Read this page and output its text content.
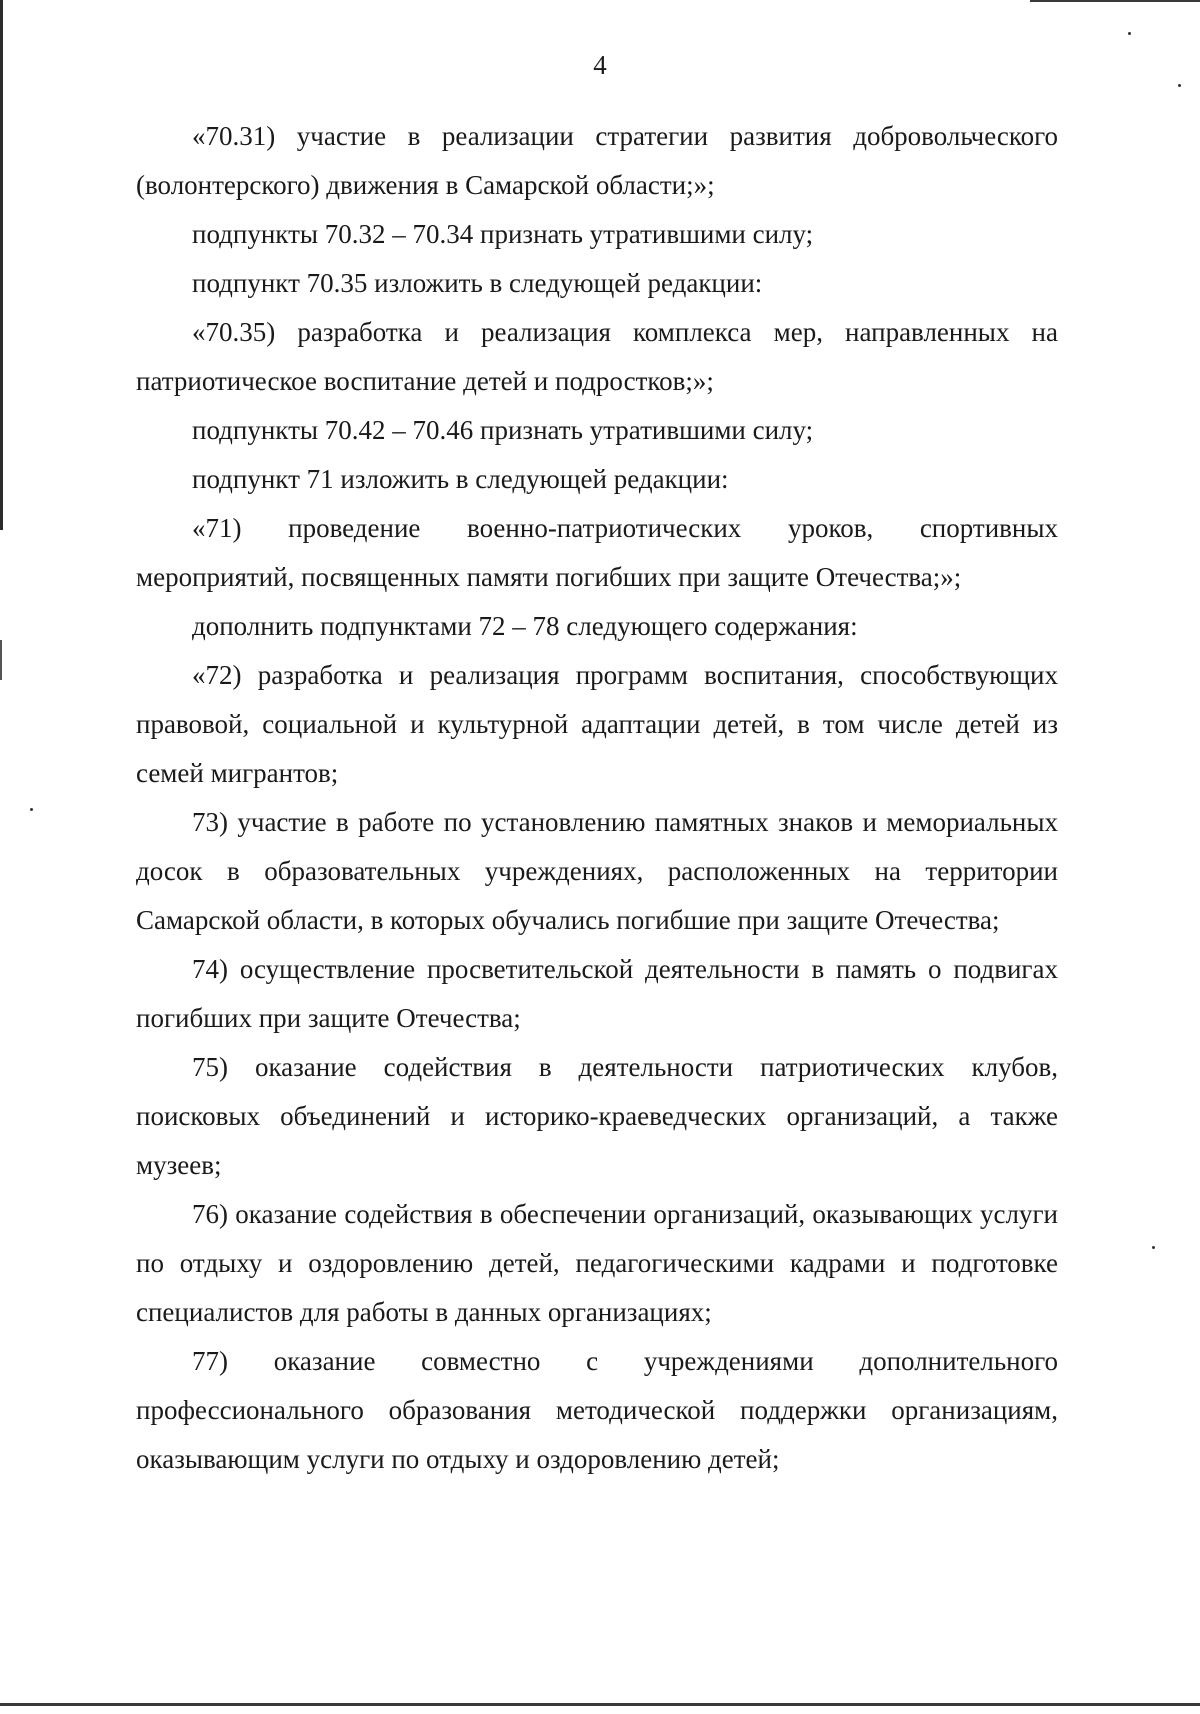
4

«70.31) участие в реализации стратегии развития добровольческого (волонтерского) движения в Самарской области;»;

подпункты 70.32 – 70.34 признать утратившими силу;

подпункт 70.35 изложить в следующей редакции:

«70.35) разработка и реализация комплекса мер, направленных на патриотическое воспитание детей и подростков;»;

подпункты 70.42 – 70.46 признать утратившими силу;

подпункт 71 изложить в следующей редакции:

«71) проведение военно-патриотических уроков, спортивных мероприятий, посвященных памяти погибших при защите Отечества;»;

дополнить подпунктами 72 – 78 следующего содержания:

«72) разработка и реализация программ воспитания, способствующих правовой, социальной и культурной адаптации детей, в том числе детей из семей мигрантов;

73) участие в работе по установлению памятных знаков и мемориальных досок в образовательных учреждениях, расположенных на территории Самарской области, в которых обучались погибшие при защите Отечества;

74) осуществление просветительской деятельности в память о подвигах погибших при защите Отечества;

75) оказание содействия в деятельности патриотических клубов, поисковых объединений и историко-краеведческих организаций, а также музеев;

76) оказание содействия в обеспечении организаций, оказывающих услуги по отдыху и оздоровлению детей, педагогическими кадрами и подготовке специалистов для работы в данных организациях;

77) оказание совместно с учреждениями дополнительного профессионального образования методической поддержки организациям, оказывающим услуги по отдыху и оздоровлению детей;
